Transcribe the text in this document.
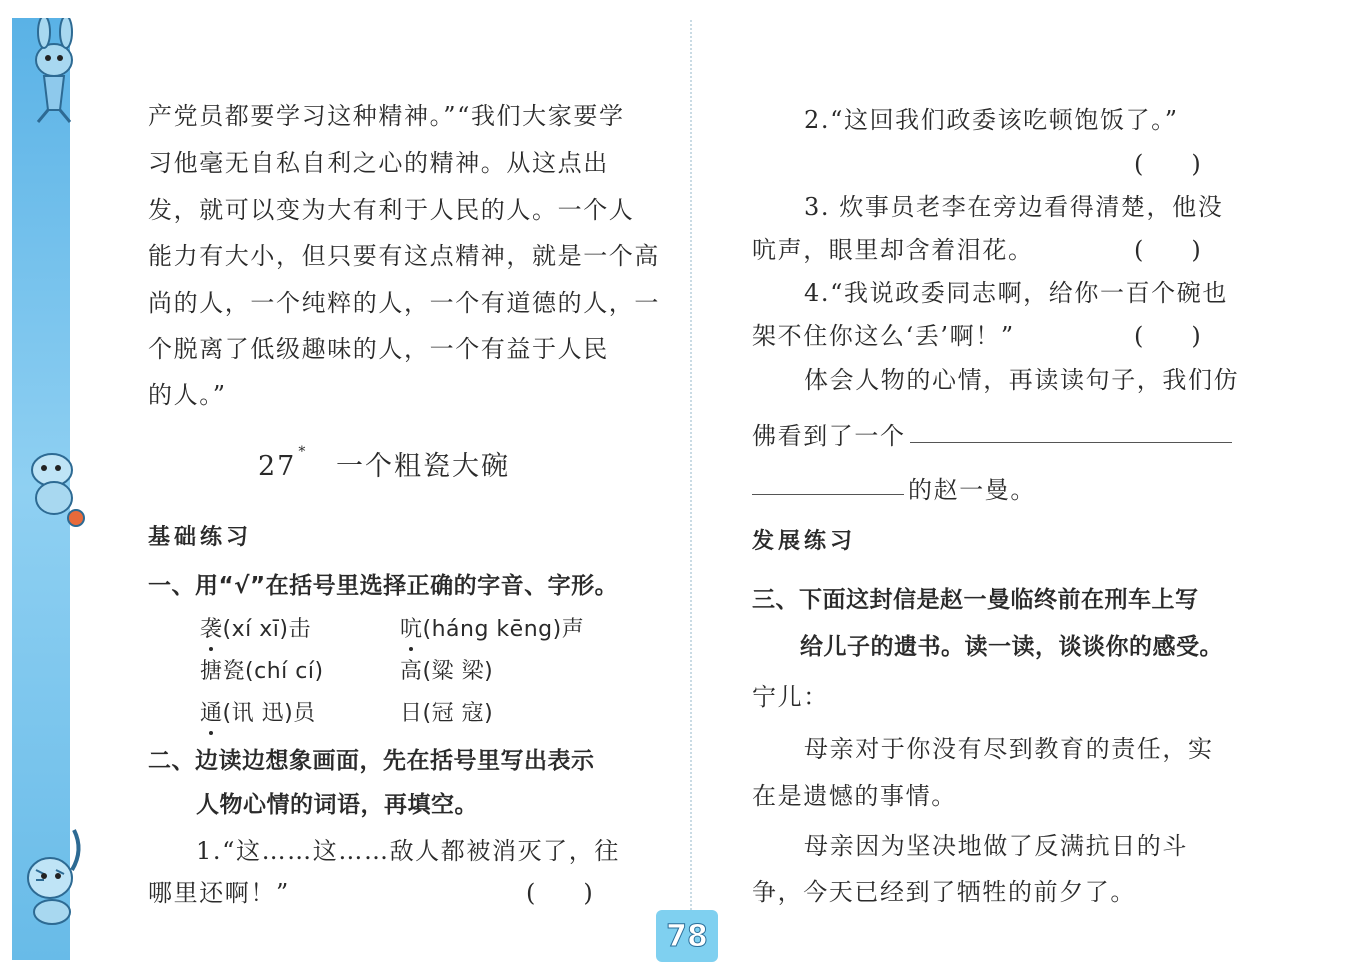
产党员都要学习这种精神。”“我们大家要学
习他毫无自私自利之心的精神。从这点出
发，就可以变为大有利于人民的人。一个人
能力有大小，但只要有这点精神，就是一个高
尚的人，一个纯粹的人，一个有道德的人，一
个脱离了低级趣味的人，一个有益于人民
的人。”
27 * 一个粗瓷大碗
基础练习
一、用“√”在括号里选择正确的字音、字形。
袭(xí xī)击	吭(háng kēng)声
搪瓷(chí cí)	高(粱 梁)
通(讯 迅)员	日(冠 寇)
二、边读边想象画面，先在括号里写出表示
人物心情的词语，再填空。
1.“这……这……敌人都被消灭了，往
哪里还啊！”	(　　)
2.“这回我们政委该吃顿饱饭了。”
(　　)
3. 炊事员老李在旁边看得清楚，他没
吭声，眼里却含着泪花。	(　　)
4.“我说政委同志啊，给你一百个碗也
架不住你这么‘丢’啊！”	(　　)
体会人物的心情，再读读句子，我们仿
佛看到了一个
的赵一曼。
发展练习
三、下面这封信是赵一曼临终前在刑车上写
给儿子的遗书。读一读，谈谈你的感受。
宁儿：
母亲对于你没有尽到教育的责任，实
在是遗憾的事情。
母亲因为坚决地做了反满抗日的斗
争，今天已经到了牺牲的前夕了。
78
